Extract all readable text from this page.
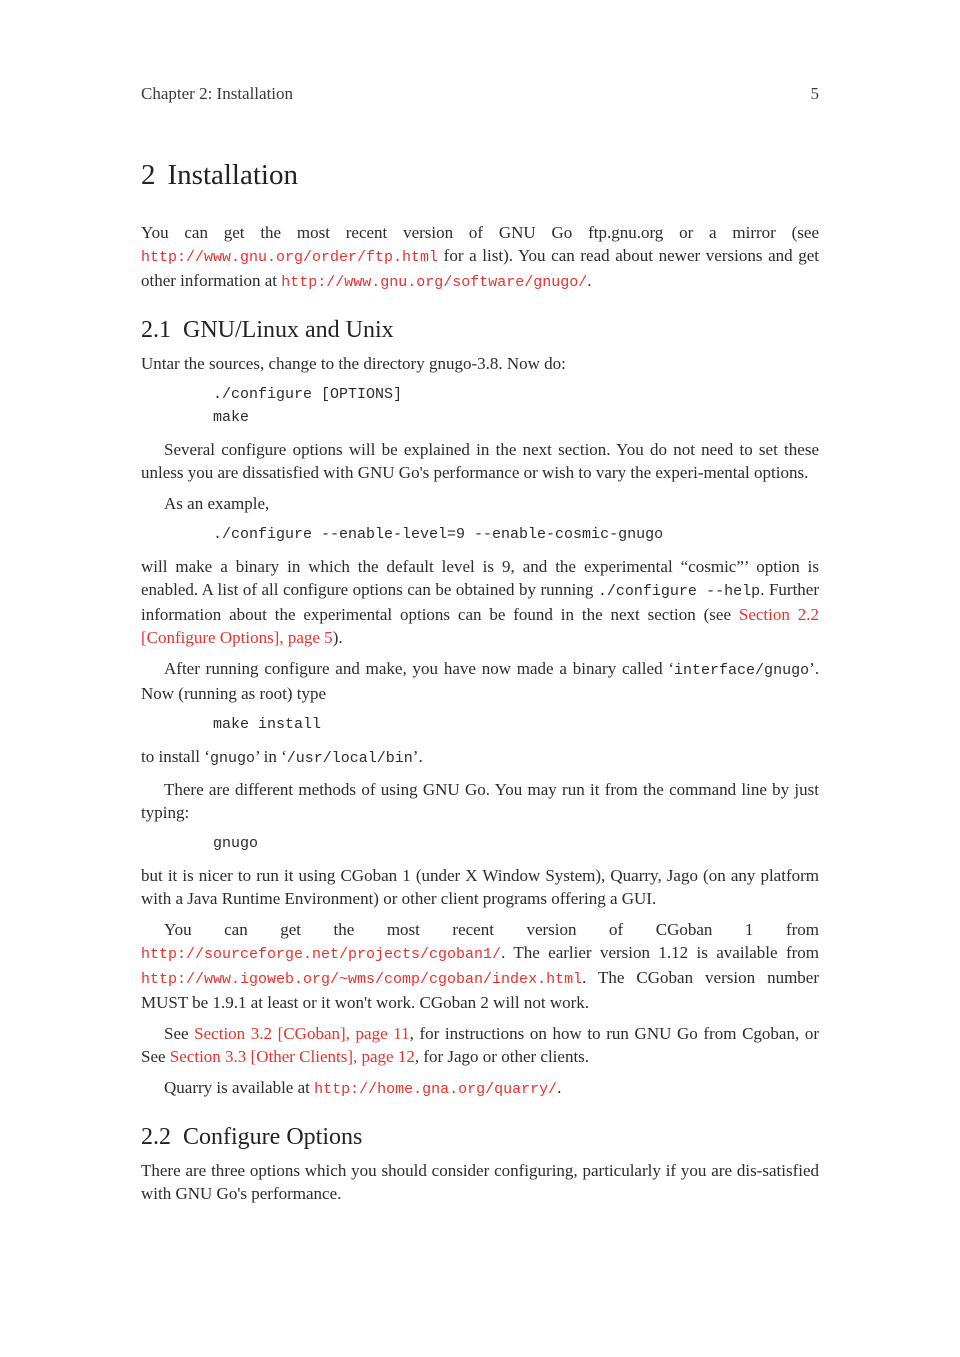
Chapter 2: Installation	5
2 Installation

You can get the most recent version of GNU Go ftp.gnu.org or a mirror (see http://www.gnu.org/order/ftp.html for a list). You can read about newer versions and get other information at http://www.gnu.org/software/gnugo/.

2.1 GNU/Linux and Unix

Untar the sources, change to the directory gnugo-3.8. Now do:

./configure [OPTIONS]
make

Several configure options will be explained in the next section. You do not need to set these unless you are dissatisfied with GNU Go's performance or wish to vary the experi-mental options.

As an example,

./configure --enable-level=9 --enable-cosmic-gnugo

will make a binary in which the default level is 9, and the experimental “cosmic”’ option is enabled. A list of all configure options can be obtained by running ./configure --help. Further information about the experimental options can be found in the next section (see Section 2.2 [Configure Options], page 5).

After running configure and make, you have now made a binary called ‘interface/gnugo’. Now (running as root) type

make install

to install ‘gnugo’ in ‘/usr/local/bin’.

There are different methods of using GNU Go. You may run it from the command line by just typing:

gnugo

but it is nicer to run it using CGoban 1 (under X Window System), Quarry, Jago (on any platform with a Java Runtime Environment) or other client programs offering a GUI.

You can get the most recent version of CGoban 1 from http://sourceforge.net/projects/cgoban1/. The earlier version 1.12 is available from http://www.igoweb.org/~wms/comp/cgoban/index.html. The CGoban version number MUST be 1.9.1 at least or it won't work. CGoban 2 will not work.

See Section 3.2 [CGoban], page 11, for instructions on how to run GNU Go from Cgoban, or See Section 3.3 [Other Clients], page 12, for Jago or other clients.

Quarry is available at http://home.gna.org/quarry/.

2.2 Configure Options

There are three options which you should consider configuring, particularly if you are dis-satisfied with GNU Go's performance.
